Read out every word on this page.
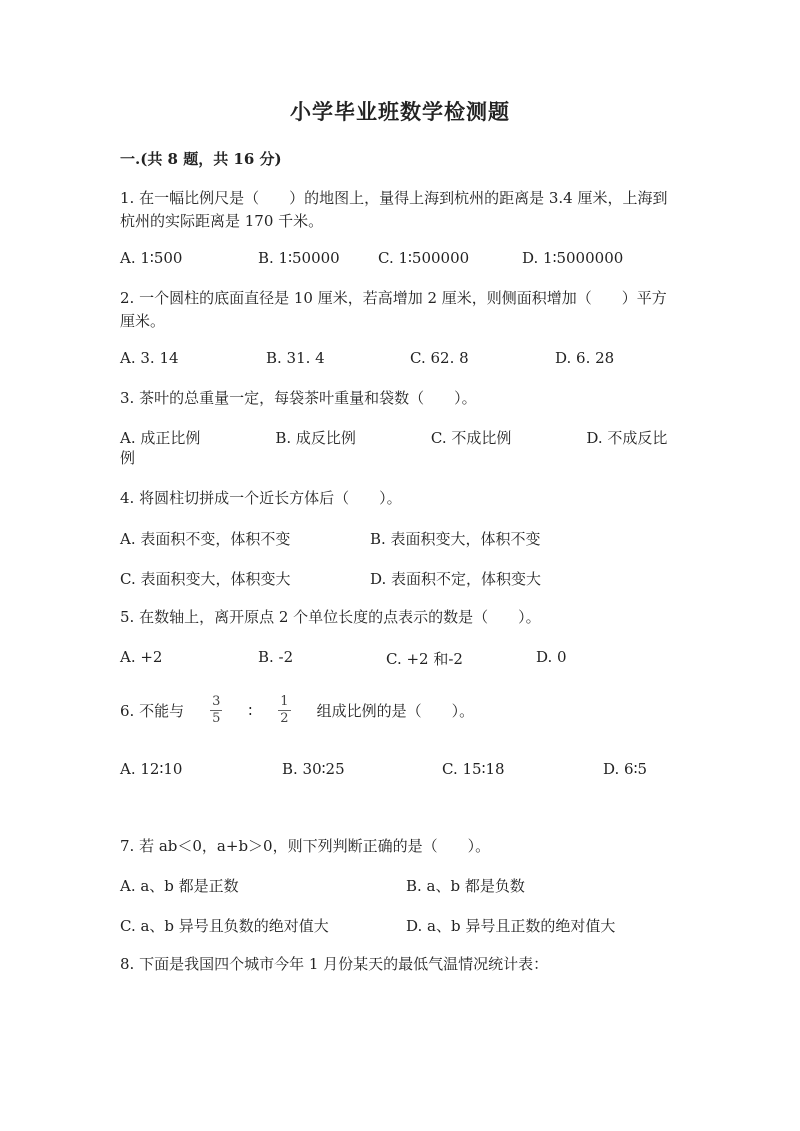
小学毕业班数学检测题
一.(共 8 题，共 16 分)
1. 在一幅比例尺是（　　）的地图上，量得上海到杭州的距离是 3.4 厘米，上海到杭州的实际距离是 170 千米。
A. 1∶500	B. 1∶50000	C. 1∶500000	D. 1∶5000000
2. 一个圆柱的底面直径是 10 厘米，若高增加 2 厘米，则侧面积增加（　　）平方厘米。
A. 3. 14	B. 31. 4	C. 62. 8	D. 6. 28
3. 茶叶的总重量一定，每袋茶叶重量和袋数（　　）。
A. 成正比例　　　　　B. 成反比例　　　　　C. 不成比例　　　　　D. 不成反比例
4. 将圆柱切拼成一个近长方体后（　　）。
A. 表面积不变，体积不变	B. 表面积变大，体积不变
C. 表面积变大，体积变大	D. 表面积不定，体积变大
5. 在数轴上，离开原点 2 个单位长度的点表示的数是（　　）。
A. +2	B. -2	C. +2 和-2	D. 0
6. 不能与 $\frac{3}{5}$ ∶ $\frac{1}{2}$ 组成比例的是（　　）。
A. 12∶10	B. 30∶25	C. 15∶18	D. 6∶5
7. 若 ab＜0，a+b＞0，则下列判断正确的是（　　）。
A. a、b 都是正数	B. a、b 都是负数
C. a、b 异号且负数的绝对值大	D. a、b 异号且正数的绝对值大
8. 下面是我国四个城市今年 1 月份某天的最低气温情况统计表：
